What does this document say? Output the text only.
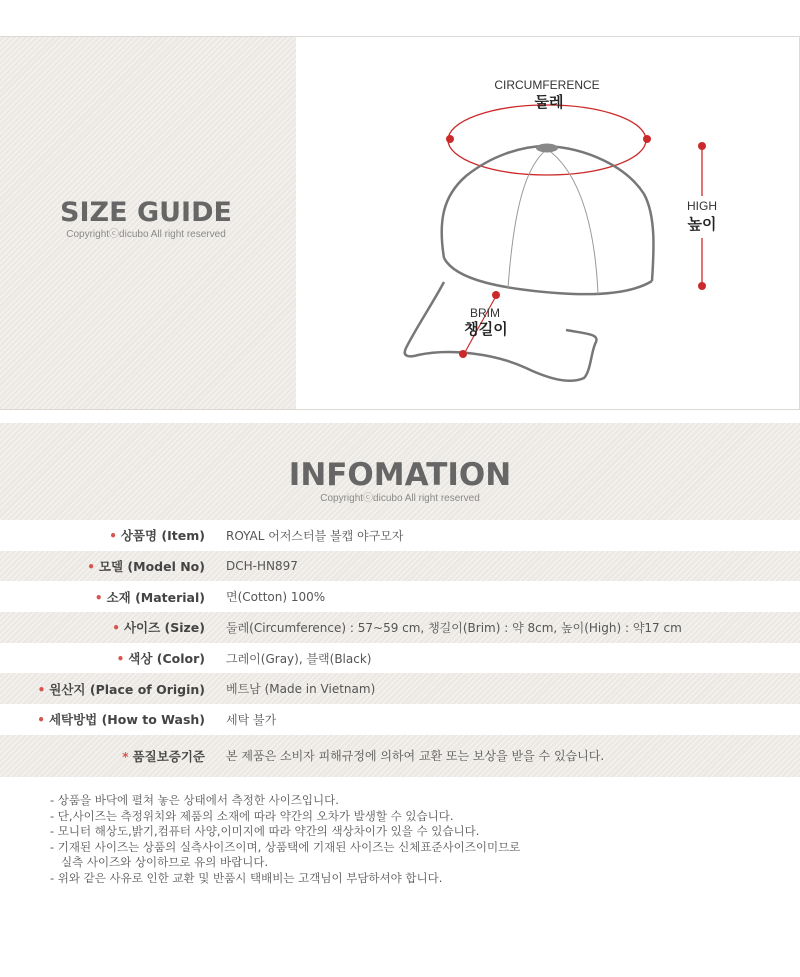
SIZE GUIDE
Copyrightⓒdicubo All right reserved
CIRCUMFERENCE
둘레
BRIM
챙길이
HIGH
높이
INFOMATION
Copyrightⓒdicubo All right reserved
• 상품명 (Item) ROYAL 어저스터블 볼캡 야구모자
• 모델 (Model No) DCH-HN897
• 소재 (Material) 면(Cotton) 100%
• 사이즈 (Size) 둘레(Circumference) : 57~59 cm, 챙길이(Brim) : 약 8cm, 높이(High) : 약17 cm
• 색상 (Color) 그레이(Gray), 블랙(Black)
• 원산지 (Place of Origin) 베트남 (Made in Vietnam)
• 세탁방법 (How to Wash) 세탁 불가
* 품질보증기준 본 제품은 소비자 피해규정에 의하여 교환 또는 보상을 받을 수 있습니다.
- 상품을 바닥에 펼쳐 놓은 상태에서 측정한 사이즈입니다.
- 단,사이즈는 측정위치와 제품의 소재에 따라 약간의 오차가 발생할 수 있습니다.
- 모니터 해상도,밝기,컴퓨터 사양,이미지에 따라 약간의 색상차이가 있을 수 있습니다.
- 기재된 사이즈는 상품의 실측사이즈이며, 상품택에 기재된 사이즈는 신체표준사이즈이미므로
실측 사이즈와 상이하므로 유의 바랍니다.
- 위와 같은 사유로 인한 교환 및 반품시 택배비는 고객님이 부담하셔야 합니다.
